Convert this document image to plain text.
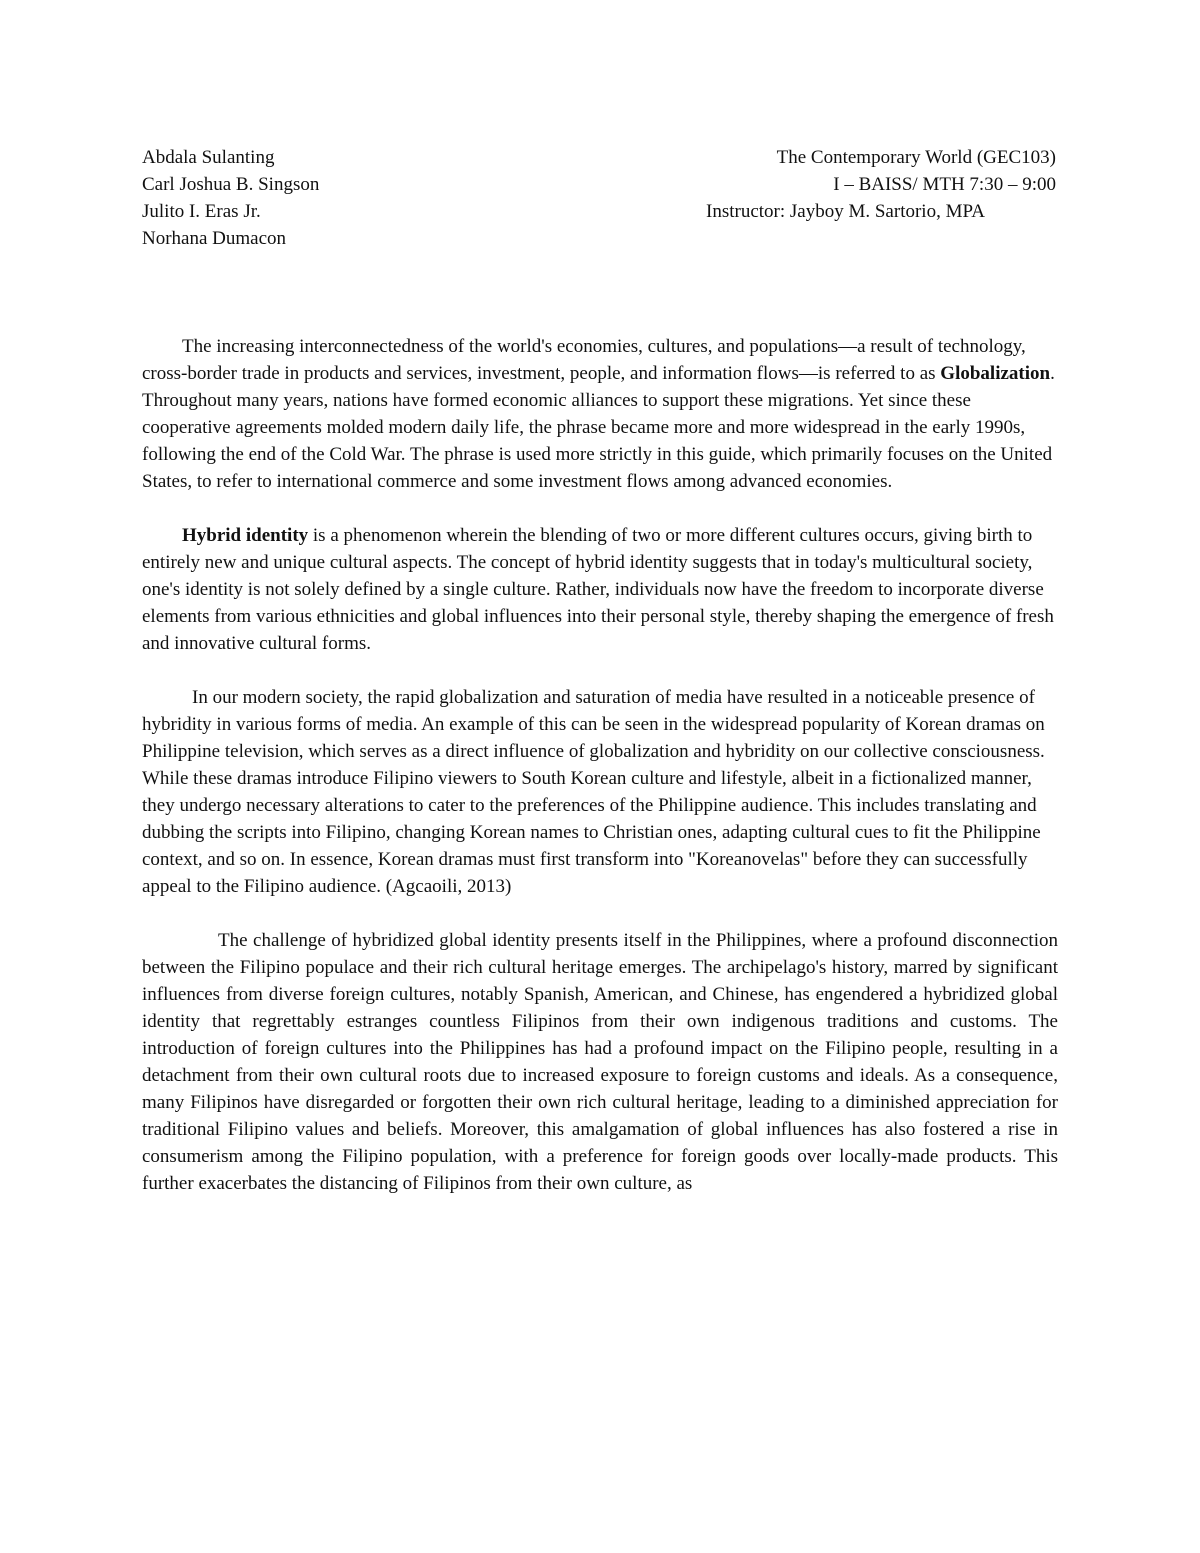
Abdala Sulanting
Carl Joshua B. Singson
Julito I. Eras Jr.
Norhana Dumacon
The Contemporary World (GEC103)
I – BAISS/ MTH 7:30 – 9:00
Instructor: Jayboy M. Sartorio, MPA

The increasing interconnectedness of the world's economies, cultures, and populations—a result of technology, cross-border trade in products and services, investment, people, and information flows—is referred to as Globalization. Throughout many years, nations have formed economic alliances to support these migrations. Yet since these cooperative agreements molded modern daily life, the phrase became more and more widespread in the early 1990s, following the end of the Cold War. The phrase is used more strictly in this guide, which primarily focuses on the United States, to refer to international commerce and some investment flows among advanced economies.

Hybrid identity is a phenomenon wherein the blending of two or more different cultures occurs, giving birth to entirely new and unique cultural aspects. The concept of hybrid identity suggests that in today's multicultural society, one's identity is not solely defined by a single culture. Rather, individuals now have the freedom to incorporate diverse elements from various ethnicities and global influences into their personal style, thereby shaping the emergence of fresh and innovative cultural forms.

In our modern society, the rapid globalization and saturation of media have resulted in a noticeable presence of hybridity in various forms of media. An example of this can be seen in the widespread popularity of Korean dramas on Philippine television, which serves as a direct influence of globalization and hybridity on our collective consciousness. While these dramas introduce Filipino viewers to South Korean culture and lifestyle, albeit in a fictionalized manner, they undergo necessary alterations to cater to the preferences of the Philippine audience. This includes translating and dubbing the scripts into Filipino, changing Korean names to Christian ones, adapting cultural cues to fit the Philippine context, and so on. In essence, Korean dramas must first transform into "Koreanovelas" before they can successfully appeal to the Filipino audience. (Agcaoili, 2013)

The challenge of hybridized global identity presents itself in the Philippines, where a profound disconnection between the Filipino populace and their rich cultural heritage emerges. The archipelago's history, marred by significant influences from diverse foreign cultures, notably Spanish, American, and Chinese, has engendered a hybridized global identity that regrettably estranges countless Filipinos from their own indigenous traditions and customs. The introduction of foreign cultures into the Philippines has had a profound impact on the Filipino people, resulting in a detachment from their own cultural roots due to increased exposure to foreign customs and ideals. As a consequence, many Filipinos have disregarded or forgotten their own rich cultural heritage, leading to a diminished appreciation for traditional Filipino values and beliefs. Moreover, this amalgamation of global influences has also fostered a rise in consumerism among the Filipino population, with a preference for foreign goods over locally-made products. This further exacerbates the distancing of Filipinos from their own culture, as
